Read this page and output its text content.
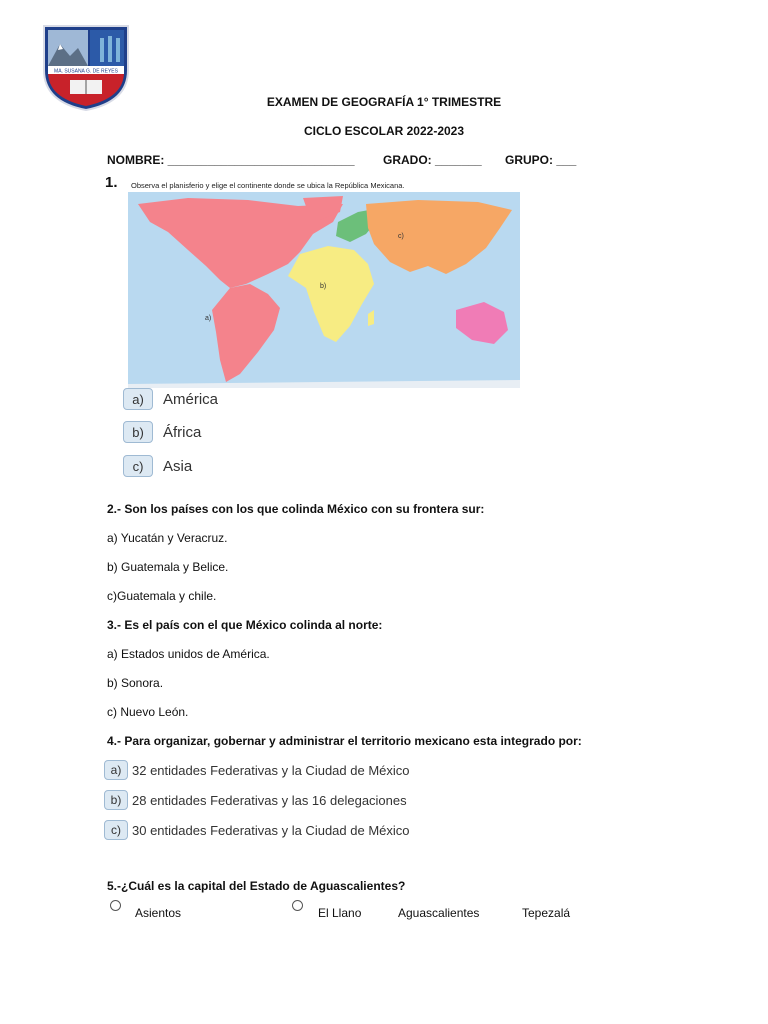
MA. SUSANA G. DE REYES
EXAMEN DE GEOGRAFÍA 1° TRIMESTRE
CICLO ESCOLAR 2022-2023
NOMBRE: ____________________________ GRADO: _______ GRUPO: ___
1. Observa el planisferio y elige el continente donde se ubica la República Mexicana.
a)
b)
c)
a)	América
b)	África
c)	Asia
2.- Son los países con los que colinda México con su frontera sur:
a) Yucatán y Veracruz.
b) Guatemala y Belice.
c)Guatemala y chile.
3.- Es el país con el que México colinda al norte:
a) Estados unidos de América.
b) Sonora.
c) Nuevo León.
4.- Para organizar, gobernar y administrar el territorio mexicano esta integrado por:
a) 32 entidades Federativas y la Ciudad de México
b) 28 entidades Federativas y las 16 delegaciones
c) 30 entidades Federativas y la Ciudad de México
5.-¿Cuál es la capital del Estado de Aguascalientes?
Asientos	El Llano	Aguascalientes	Tepezalá
